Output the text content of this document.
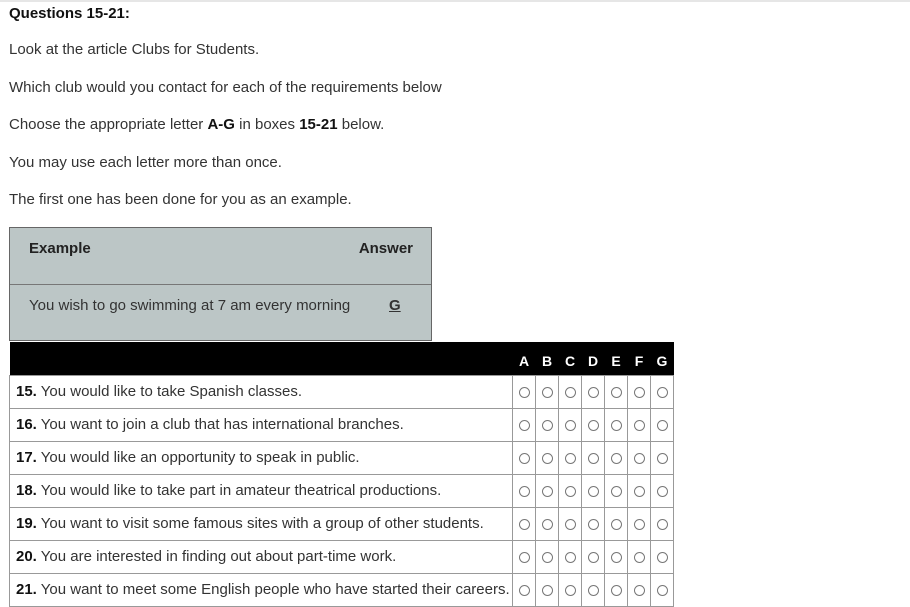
Questions 15-21:
Look at the article Clubs for Students.
Which club would you contact for each of the requirements below
Choose the appropriate letter A-G in boxes 15-21 below.
You may use each letter more than once.
The first one has been done for you as an example.
Example	Answer
You wish to go swimming at 7 am every morning	G
	A	B	C	D	E	F	G
15. You would like to take Spanish classes.							
16. You want to join a club that has international branches.							
17. You would like an opportunity to speak in public.							
18. You would like to take part in amateur theatrical productions.							
19. You want to visit some famous sites with a group of other students.							
20. You are interested in finding out about part-time work.							
21. You want to meet some English people who have started their careers.							
